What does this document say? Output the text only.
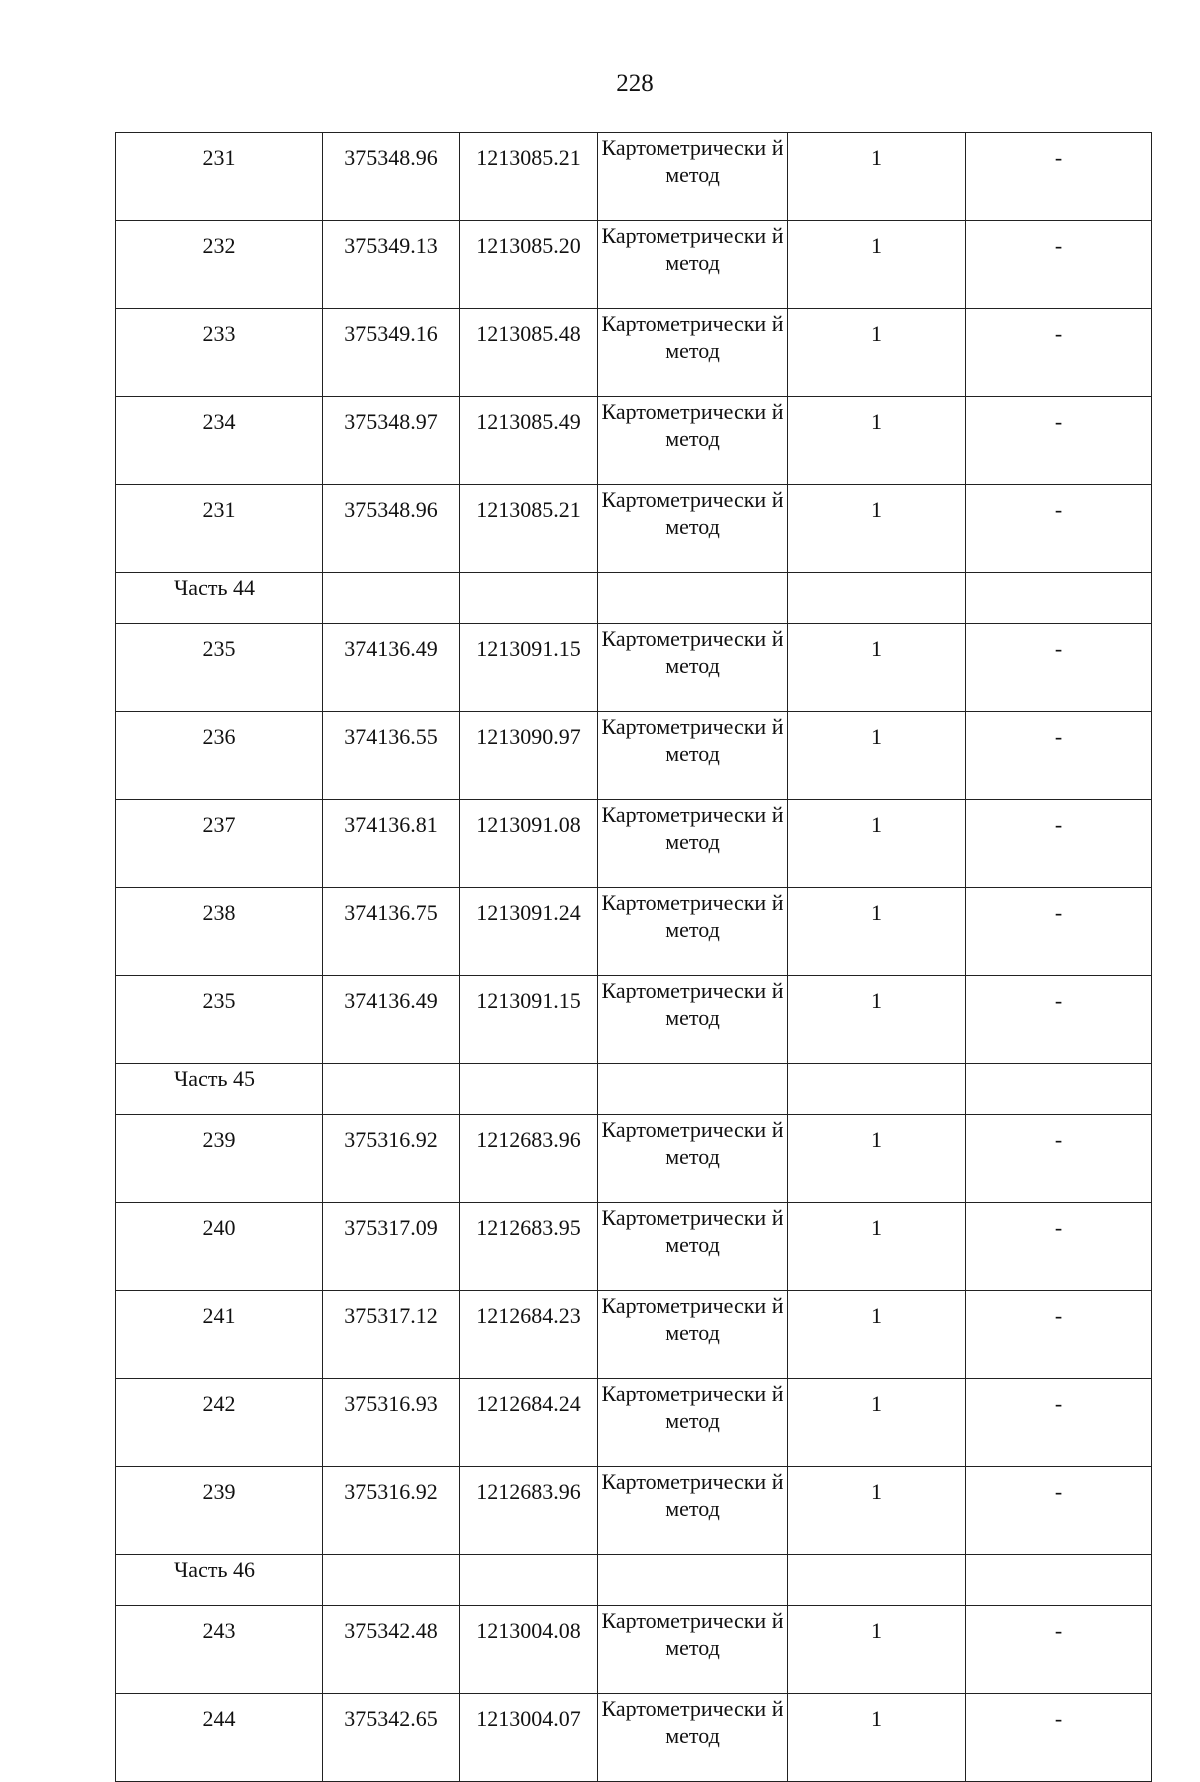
228
231	375348.96	1213085.21	Картометрически й метод	1	-
232	375349.13	1213085.20	Картометрически й метод	1	-
233	375349.16	1213085.48	Картометрически й метод	1	-
234	375348.97	1213085.49	Картометрически й метод	1	-
231	375348.96	1213085.21	Картометрически й метод	1	-
Часть 44					
235	374136.49	1213091.15	Картометрически й метод	1	-
236	374136.55	1213090.97	Картометрически й метод	1	-
237	374136.81	1213091.08	Картометрически й метод	1	-
238	374136.75	1213091.24	Картометрически й метод	1	-
235	374136.49	1213091.15	Картометрически й метод	1	-
Часть 45					
239	375316.92	1212683.96	Картометрически й метод	1	-
240	375317.09	1212683.95	Картометрически й метод	1	-
241	375317.12	1212684.23	Картометрически й метод	1	-
242	375316.93	1212684.24	Картометрически й метод	1	-
239	375316.92	1212683.96	Картометрически й метод	1	-
Часть 46					
243	375342.48	1213004.08	Картометрически й метод	1	-
244	375342.65	1213004.07	Картометрически й метод	1	-
